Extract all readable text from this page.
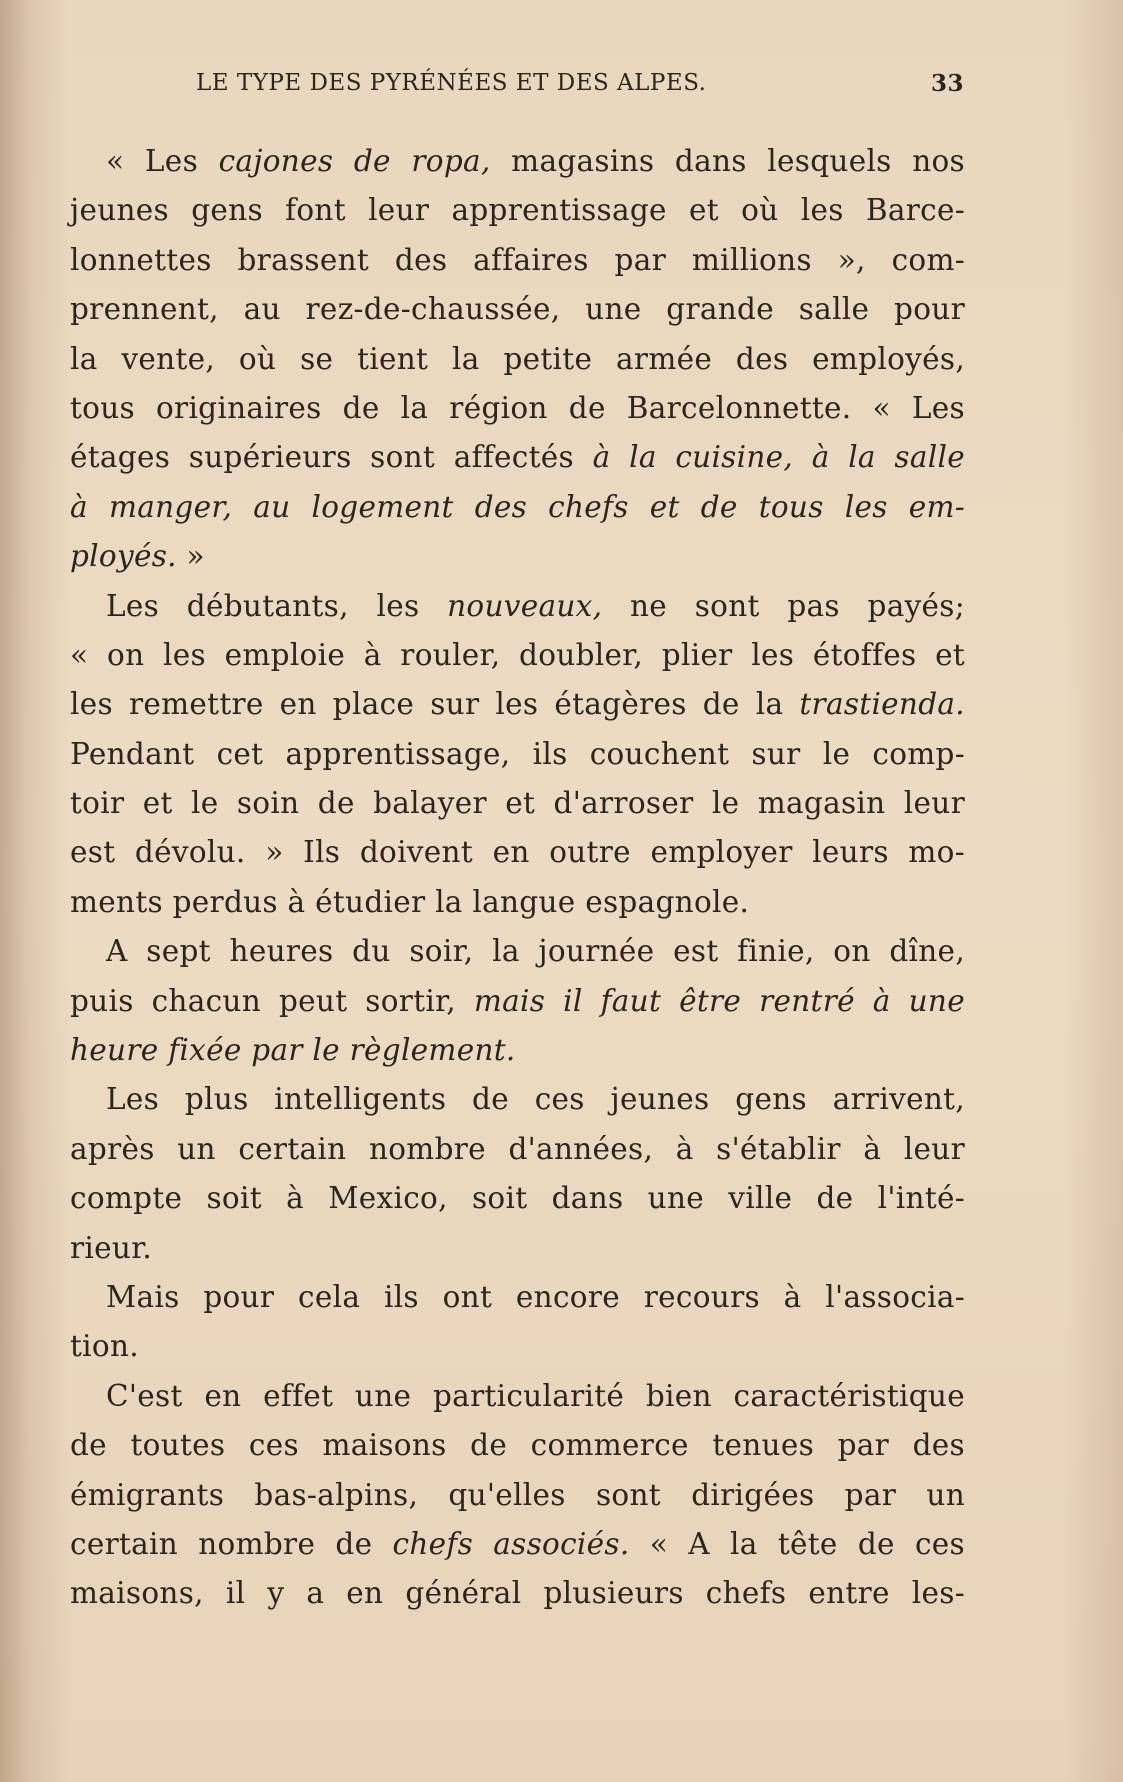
LE TYPE DES PYRÉNÉES ET DES ALPES.	33
« Les cajones de ropa, magasins dans lesquels nos
jeunes gens font leur apprentissage et où les Barce-
lonnettes brassent des affaires par millions », com-
prennent, au rez-de-chaussée, une grande salle pour
la vente, où se tient la petite armée des employés,
tous originaires de la région de Barcelonnette. « Les
étages supérieurs sont affectés à la cuisine, à la salle
à manger, au logement des chefs et de tous les em-
ployés. »
Les débutants, les nouveaux, ne sont pas payés;
« on les emploie à rouler, doubler, plier les étoffes et
les remettre en place sur les étagères de la trastienda.
Pendant cet apprentissage, ils couchent sur le comp-
toir et le soin de balayer et d'arroser le magasin leur
est dévolu. » Ils doivent en outre employer leurs mo-
ments perdus à étudier la langue espagnole.
A sept heures du soir, la journée est finie, on dîne,
puis chacun peut sortir, mais il faut être rentré à une
heure fixée par le règlement.
Les plus intelligents de ces jeunes gens arrivent,
après un certain nombre d'années, à s'établir à leur
compte soit à Mexico, soit dans une ville de l'inté-
rieur.
Mais pour cela ils ont encore recours à l'associa-
tion.
C'est en effet une particularité bien caractéristique
de toutes ces maisons de commerce tenues par des
émigrants bas-alpins, qu'elles sont dirigées par un
certain nombre de chefs associés. « A la tête de ces
maisons, il y a en général plusieurs chefs entre les-
